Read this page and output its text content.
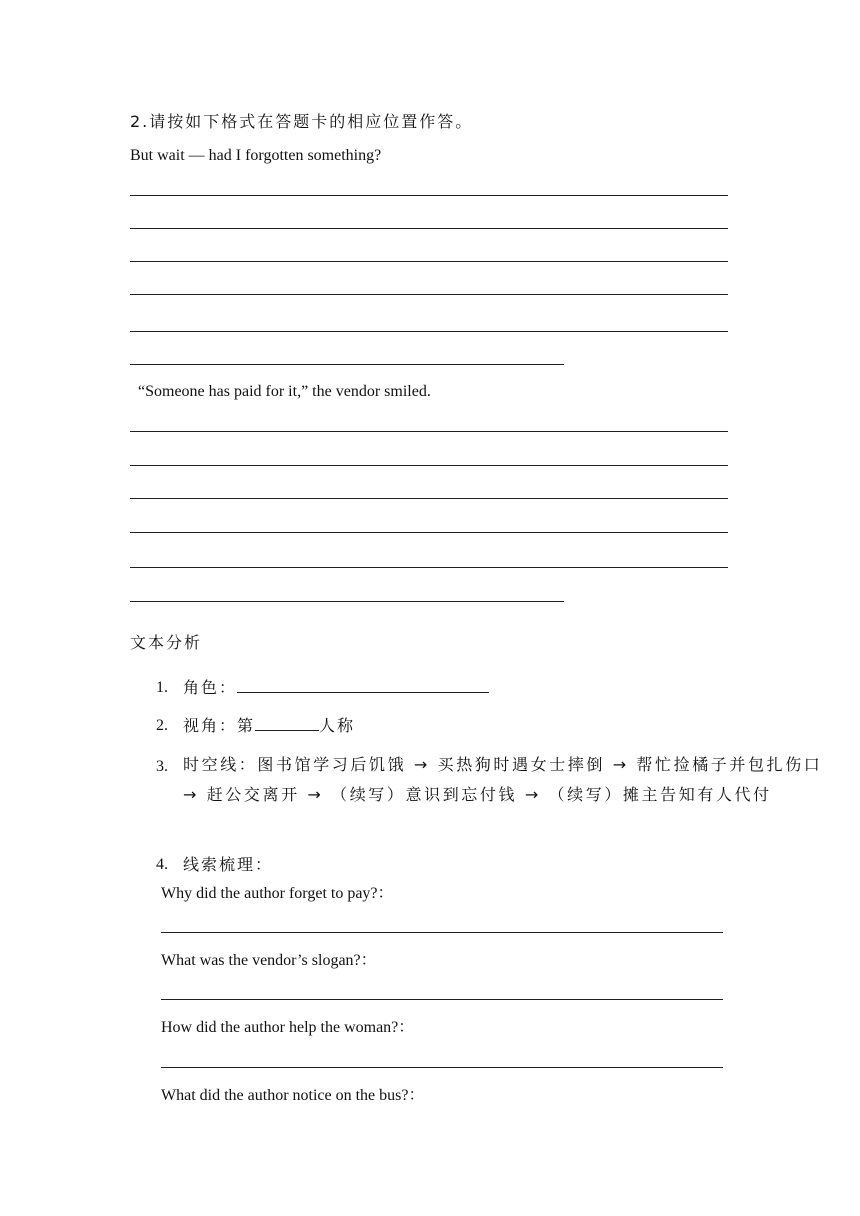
2.请按如下格式在答题卡的相应位置作答。
But wait — had I forgotten something?
“Someone has paid for it,” the vendor smiled.
文本分析
1. 角色：
2. 视角：第	人称
3. 时空线：图书馆学习后饥饿 → 买热狗时遇女士摔倒 → 帮忙捡橘子并包扎伤口
→ 赶公交离开 → （续写）意识到忘付钱 → （续写）摊主告知有人代付
4. 线索梳理：
Why did the author forget to pay?：
What was the vendor’s slogan?：
How did the author help the woman?：
What did the author notice on the bus?：
